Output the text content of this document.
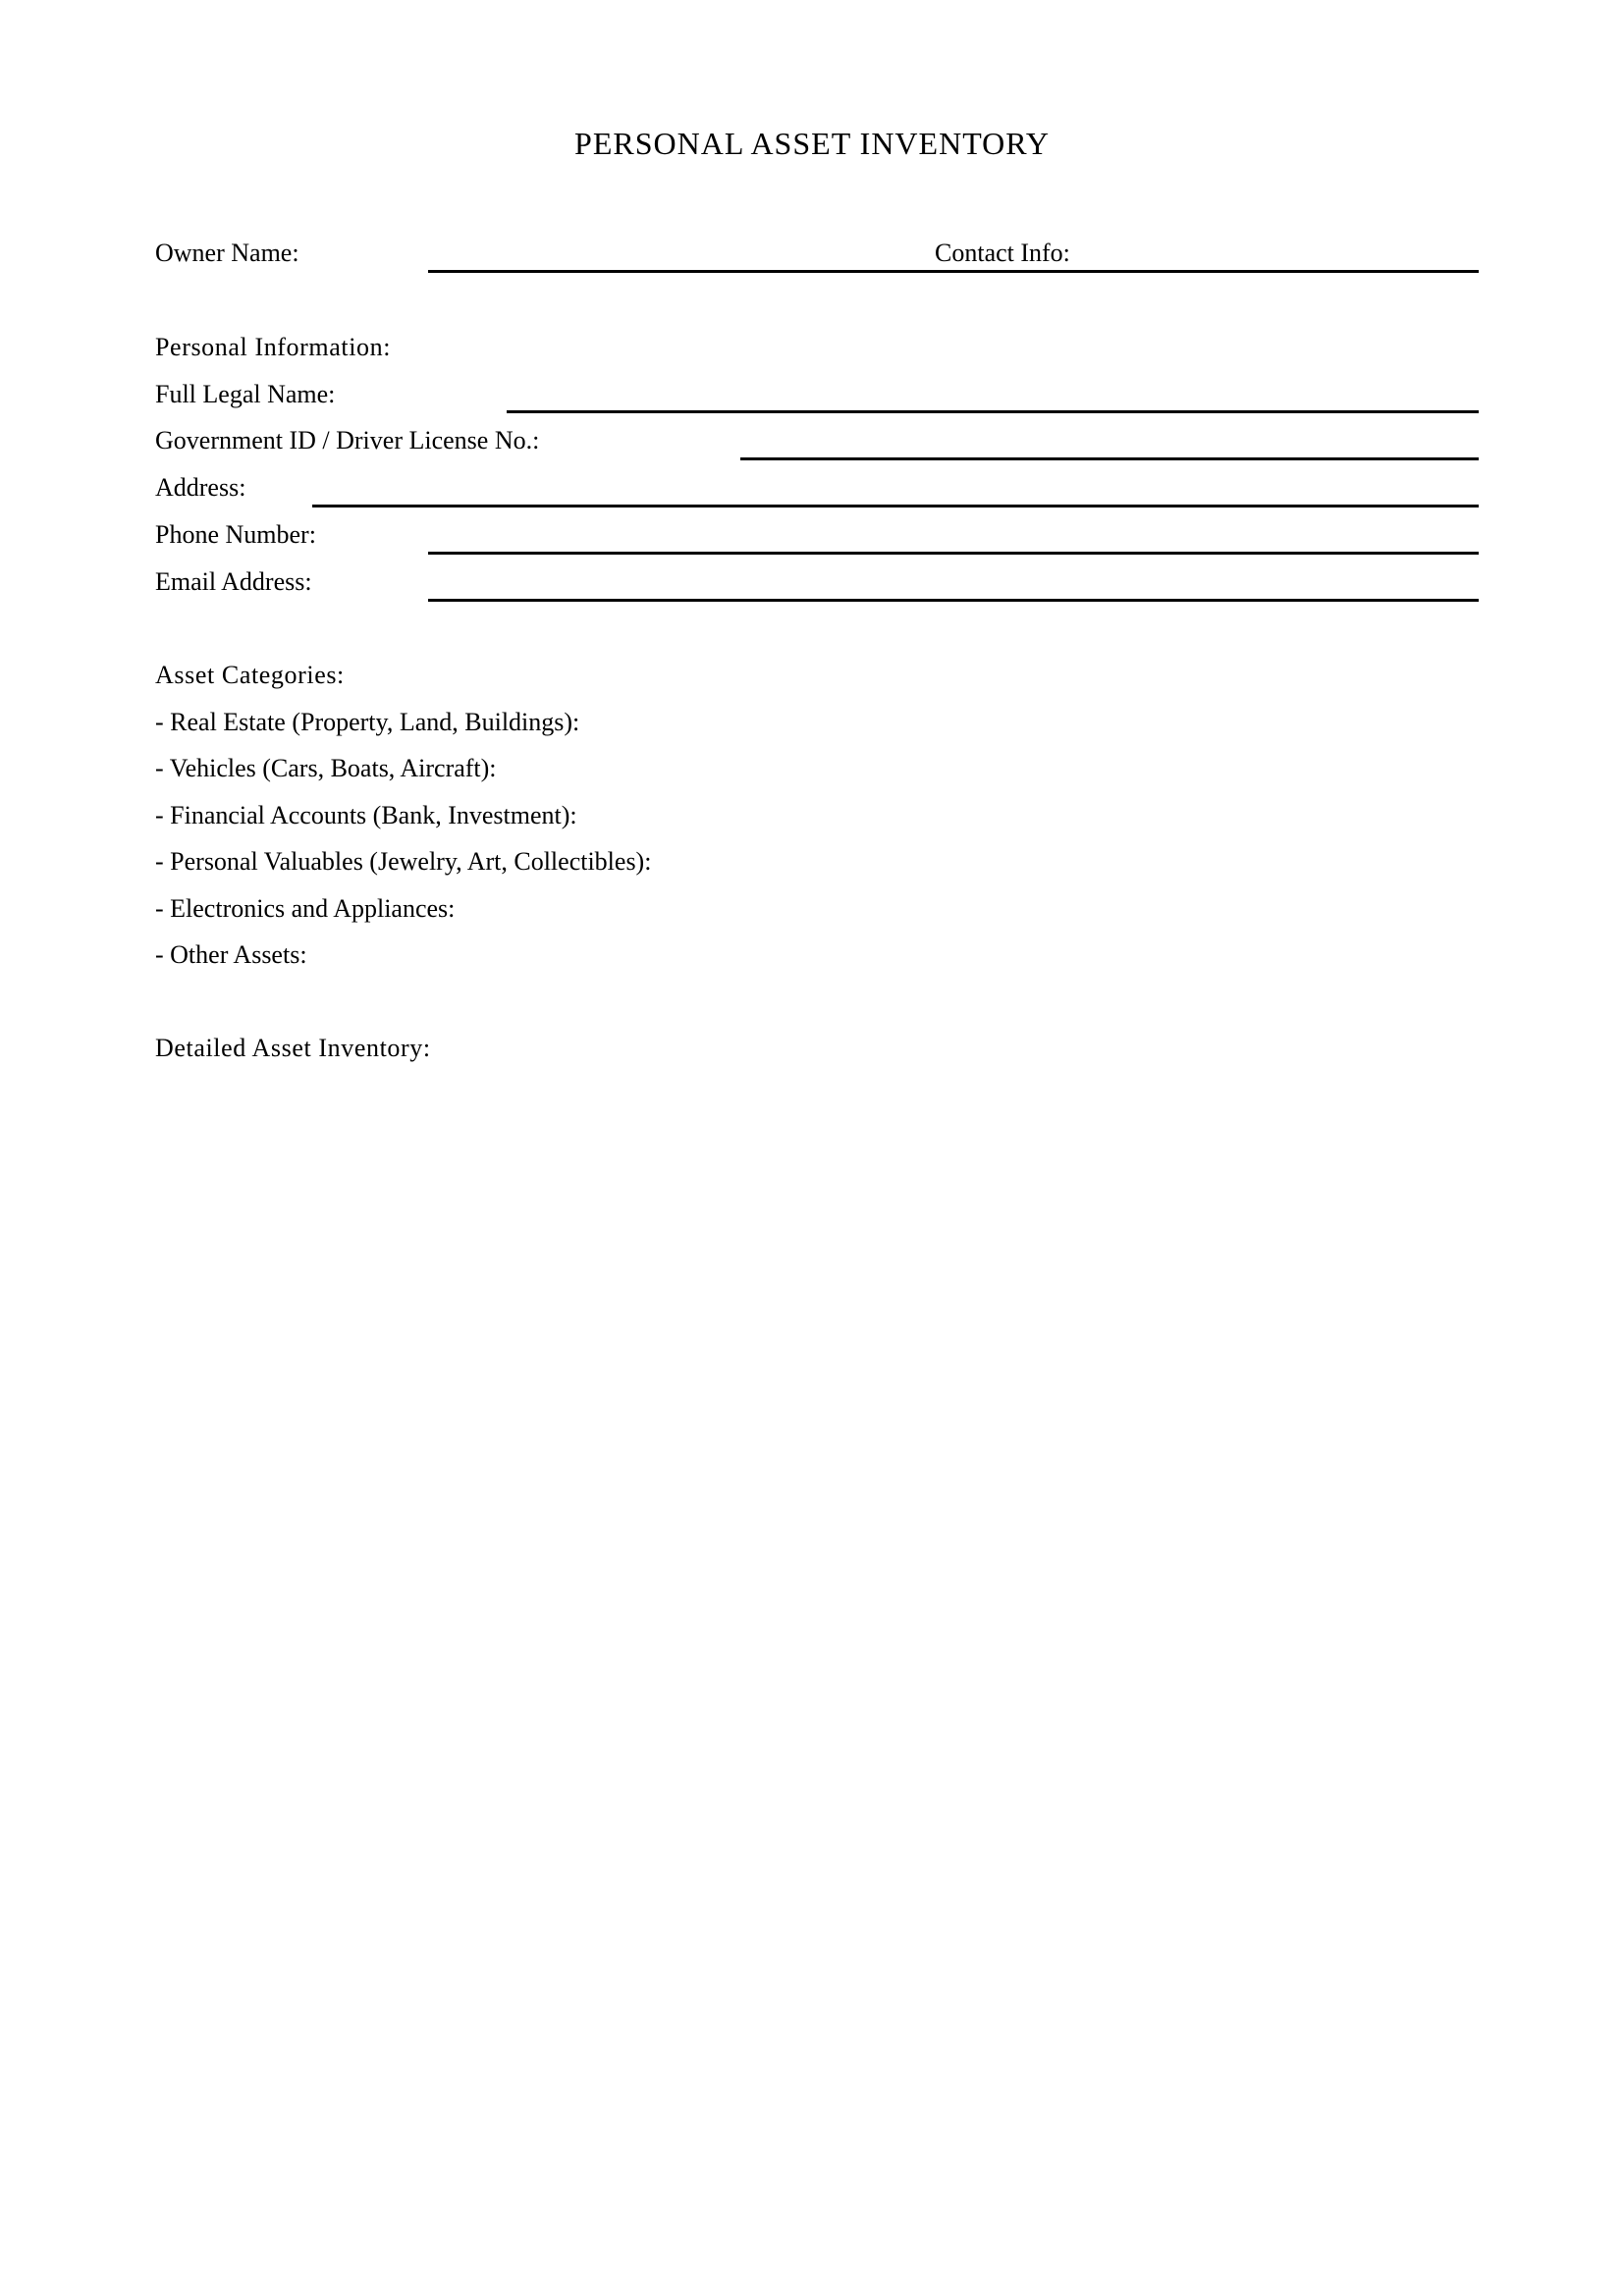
PERSONAL ASSET INVENTORY
Owner Name:	Contact Info:
Personal Information:
Full Legal Name:
Government ID / Driver License No.:
Address:
Phone Number:
Email Address:
Asset Categories:
- Real Estate (Property, Land, Buildings):
- Vehicles (Cars, Boats, Aircraft):
- Financial Accounts (Bank, Investment):
- Personal Valuables (Jewelry, Art, Collectibles):
- Electronics and Appliances:
- Other Assets:
Detailed Asset Inventory:
